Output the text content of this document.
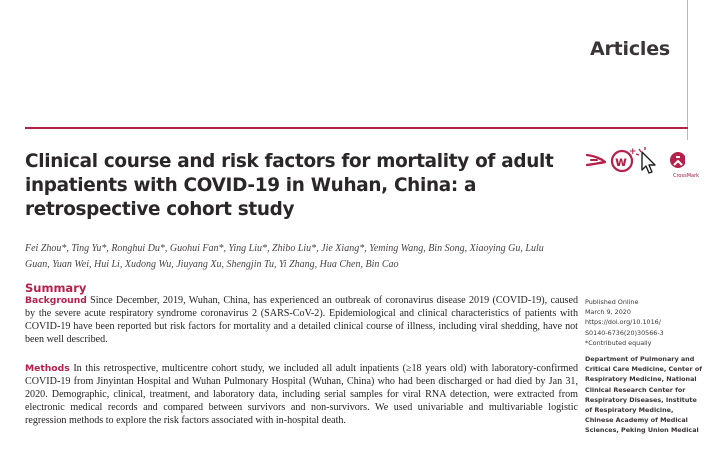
Articles
Clinical course and risk factors for mortality of adult inpatients with COVID-19 in Wuhan, China: a retrospective cohort study
w
+
CrossMark

Fei Zhou*, Ting Yu*, Ronghui Du*, Guohui Fan*, Ying Liu*, Zhibo Liu*, Jie Xiang*, Yeming Wang, Bin Song, Xiaoying Gu, Lulu Guan, Yuan Wei, Hui Li, Xudong Wu, Jiuyang Xu, Shengjin Tu, Yi Zhang, Hua Chen, Bin Cao

Summary

Background Since December, 2019, Wuhan, China, has experienced an outbreak of coronavirus disease 2019 (COVID-19), caused by the severe acute respiratory syndrome coronavirus 2 (SARS-CoV-2). Epidemiological and clinical characteristics of patients with COVID-19 have been reported but risk factors for mortality and a detailed clinical course of illness, including viral shedding, have not been well described.

Methods In this retrospective, multicentre cohort study, we included all adult inpatients (≥18 years old) with laboratory-confirmed COVID-19 from Jinyintan Hospital and Wuhan Pulmonary Hospital (Wuhan, China) who had been discharged or had died by Jan 31, 2020. Demographic, clinical, treatment, and laboratory data, including serial samples for viral RNA detection, were extracted from electronic medical records and compared between survivors and non-survivors. We used univariable and multivariable logistic regression methods to explore the risk factors associated with in-hospital death.

Published Online
March 9, 2020
https://doi.org/10.1016/
S0140-6736(20)30566-3
*Contributed equally
Department of Pulmonary and Critical Care Medicine, Center of Respiratory Medicine, National Clinical Research Center for Respiratory Diseases, Institute of Respiratory Medicine, Chinese Academy of Medical Sciences, Peking Union Medical
